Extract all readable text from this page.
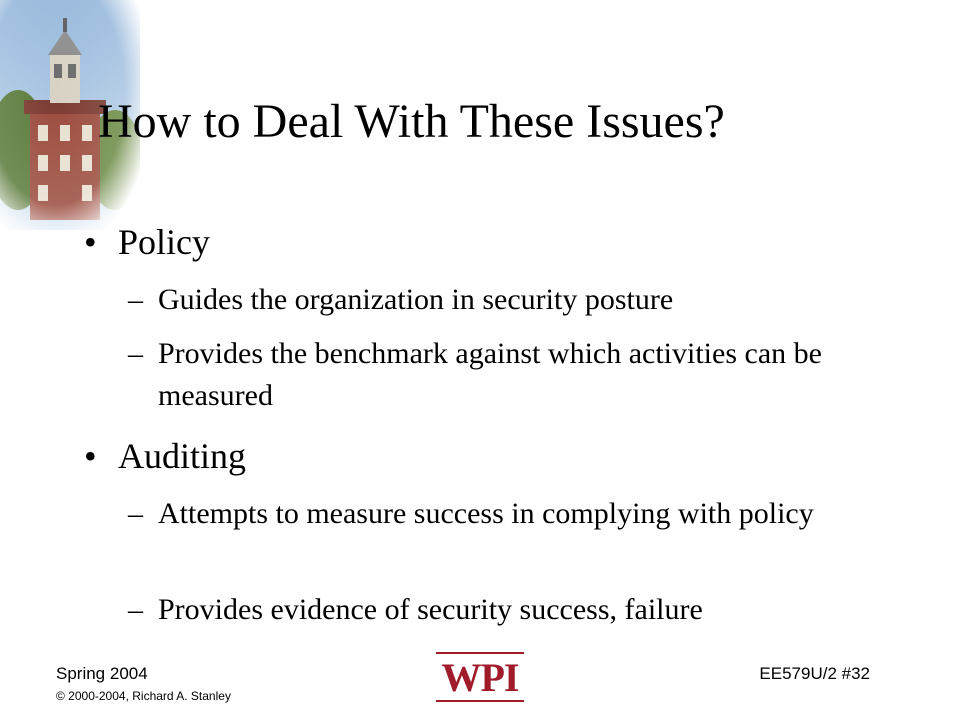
How to Deal With These Issues?
• Policy
– Guides the organization in security posture
– Provides the benchmark against which activities can be measured
• Auditing
– Attempts to measure success in complying with policy
– Provides evidence of security success, failure
Spring 2004
© 2000-2004, Richard A. Stanley	WPI	EE579U/2 #32
